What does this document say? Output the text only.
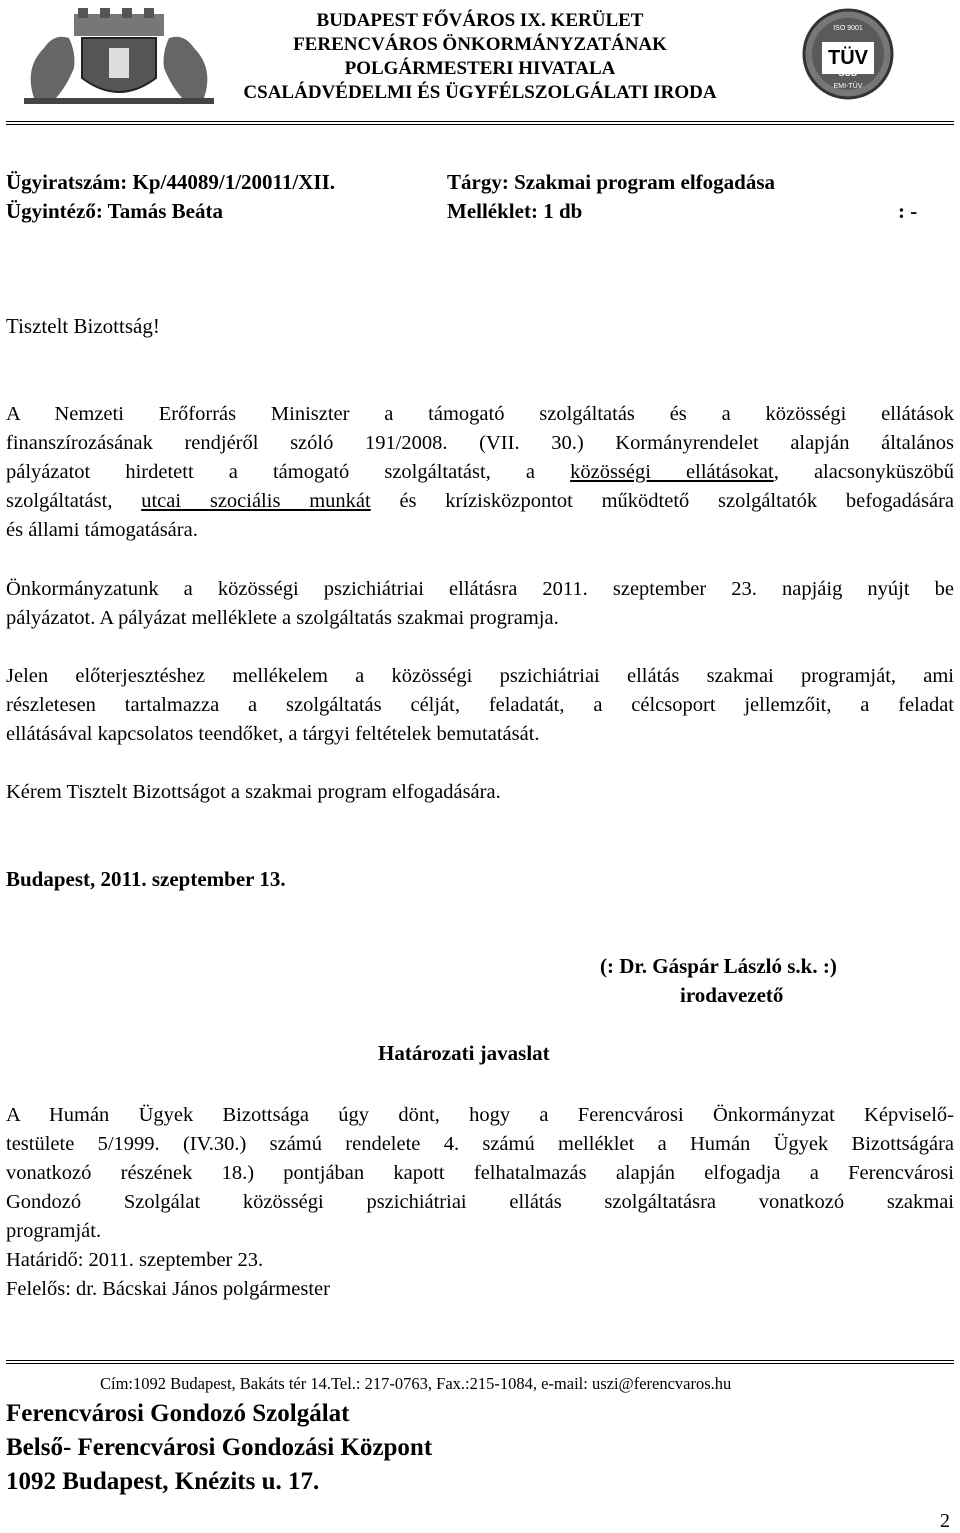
BUDAPEST FŐVÁROS IX. KERÜLET
FERENCVÁROS ÖNKORMÁNYZATÁNAK
POLGÁRMESTERI HIVATALA
CSALÁDVÉDELMI ÉS ÜGYFÉLSZOLGÁLATI IRODA
TÜV
SÜD
EMI-TÜV
ISO 9001
Ügyiratszám: Kp/44089/1/20011/XII.	Tárgy: Szakmai program elfogadása
Ügyintéző: Tamás Beáta	Melléklet: 1 db	: -
Tisztelt Bizottság!
A Nemzeti Erőforrás Miniszter a támogató szolgáltatás és a közösségi ellátások
finanszírozásának rendjéről szóló 191/2008. (VII. 30.) Kormányrendelet alapján általános
pályázatot hirdetett a támogató szolgáltatást, a közösségi ellátásokat, alacsonyküszöbű
szolgáltatást, utcai szociális munkát és krízisközpontot működtető szolgáltatók befogadására
és állami támogatására.
Önkormányzatunk a közösségi pszichiátriai ellátásra 2011. szeptember 23. napjáig nyújt be
pályázatot. A pályázat melléklete a szolgáltatás szakmai programja.
Jelen előterjesztéshez mellékelem a közösségi pszichiátriai ellátás szakmai programját, ami
részletesen tartalmazza a szolgáltatás célját, feladatát, a célcsoport jellemzőit, a feladat
ellátásával kapcsolatos teendőket, a tárgyi feltételek bemutatását.
Kérem Tisztelt Bizottságot a szakmai program elfogadására.
Budapest, 2011. szeptember 13.
(: Dr. Gáspár László s.k. :)
irodavezető
Határozati javaslat
A Humán Ügyek Bizottsága úgy dönt, hogy a Ferencvárosi Önkormányzat Képviselő-
testülete 5/1999. (IV.30.) számú rendelete 4. számú melléklet a Humán Ügyek Bizottságára
vonatkozó részének 18.) pontjában kapott felhatalmazás alapján elfogadja a Ferencvárosi
Gondozó Szolgálat közösségi pszichiátriai ellátás szolgáltatásra vonatkozó szakmai
programját.
Határidő: 2011. szeptember 23.
Felelős: dr. Bácskai János polgármester
Cím:1092 Budapest, Bakáts tér 14.Tel.: 217-0763, Fax.:215-1084, e-mail: uszi@ferencvaros.hu
Ferencvárosi Gondozó Szolgálat
Belső- Ferencvárosi Gondozási Központ
1092 Budapest, Knézits u. 17.
2
